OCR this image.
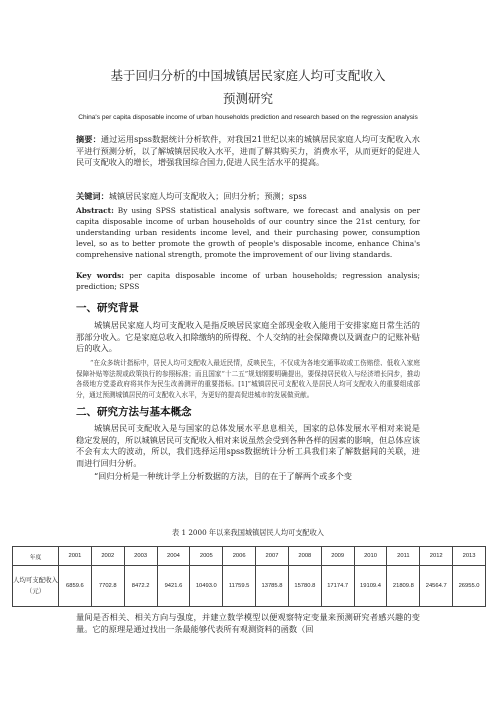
基于回归分析的中国城镇居民家庭人均可支配收入
预测研究
China's per capita disposable income of urban households prediction and research based on the regression analysis
摘要：通过运用spss数据统计分析软件，对我国21世纪以来的城镇居民家庭人均可支配收入水平进行预测分析，以了解城镇居民收入水平，进而了解其购买力，消费水平，从而更好的促进人民可支配收入的增长，增强我国综合国力,促进人民生活水平的提高。
关键词：城镇居民家庭人均可支配收入；回归分析；预测；spss
Abstract: By using SPSS statistical analysis software, we forecast and analysis on per capita disposable income of urban households of our country since the 21st century, for understanding urban residents income level, and their purchasing power, consumption level, so as to better promote the growth of people's disposable income, enhance China's comprehensive national strength, promote the improvement of our living standards.
Key words: per capita disposable income of urban households; regression analysis; prediction; SPSS
一、研究背景
城镇居民家庭人均可支配收入是指反映居民家庭全部现金收入能用于安排家庭日常生活的那部分收入。它是家庭总收入扣除缴纳的所得税、个人交纳的社会保障费以及调查户的记账补贴后的收入。
“在众多统计指标中，居民人均可支配收入最近民情，反映民生，不仅成为各地交通事故或工伤赔偿、低收入家庭保障补贴等法规或政策执行的参照标准；而且国家“十二五”规划纲要明确提出，要保持居民收入与经济增长同步，推动各级地方党委政府将其作为民生改善测评的重要指标。[1]”城镇居民可支配收入是居民人均可支配收入的重要组成部分，通过预测城镇居民的可支配收入水平，为更好的提高促进城市的发展做贡献。
二、研究方法与基本概念
城镇居民可支配收入是与国家的总体发展水平息息相关，国家的总体发展水平相对来说是稳定发展的，所以城镇居民可支配收入相对来说虽然会受到各种各样的因素的影响，但总体应该不会有太大的波动，所以，我们选择运用spss数据统计分析工具我们来了解数据间的关联，进而进行回归分析。
“回归分析是一种统计学上分析数据的方法，目的在于了解两个或多个变
表 1 2000 年以来我国城镇居民人均可支配收入
年度	2001	2002	2003	2004	2005	2006	2007	2008	2009	2010	2011	2012	2013
人均可支配收入（元）	6859.6	7702.8	8472.2	9421.6	10493.0	11759.5	13785.8	15780.8	17174.7	19109.4	21809.8	24564.7	26955.0
量间是否相关、相关方向与强度，并建立数学模型以便观察特定变量来预测研究者感兴趣的变量。它的原理是通过找出一条最能够代表所有观测资料的函数（回
